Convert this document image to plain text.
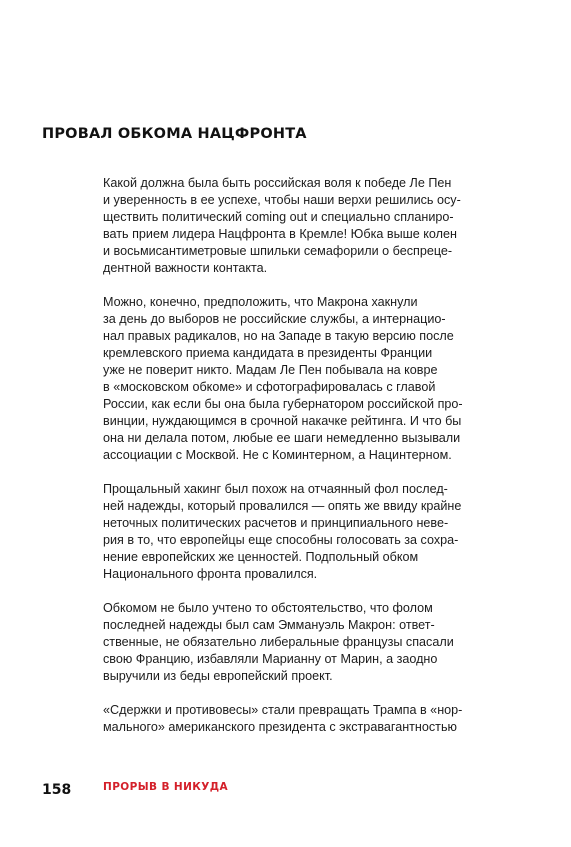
ПРОВАЛ ОБКОМА НАЦФРОНТА

Какой должна была быть российская воля к победе Ле Пен
и уверенность в ее успехе, чтобы наши верхи решились осу-
ществить политический coming out и специально спланиро-
вать прием лидера Нацфронта в Кремле! Юбка выше колен
и восьмисантиметровые шпильки семафорили о беспреце-
дентной важности контакта.

Можно, конечно, предположить, что Макрона хакнули
за день до выборов не российские службы, а интернацио-
нал правых радикалов, но на Западе в такую версию после
кремлевского приема кандидата в президенты Франции
уже не поверит никто. Мадам Ле Пен побывала на ковре
в «московском обкоме» и сфотографировалась с главой
России, как если бы она была губернатором российской про-
винции, нуждающимся в срочной накачке рейтинга. И что бы
она ни делала потом, любые ее шаги немедленно вызывали
ассоциации с Москвой. Не с Коминтерном, а Нацинтерном.

Прощальный хакинг был похож на отчаянный фол послед-
ней надежды, который провалился — опять же ввиду крайне
неточных политических расчетов и принципиального неве-
рия в то, что европейцы еще способны голосовать за сохра-
нение европейских же ценностей. Подпольный обком
Национального фронта провалился.

Обкомом не было учтено то обстоятельство, что фолом
последней надежды был сам Эммануэль Макрон: ответ-
ственные, не обязательно либеральные французы спасали
свою Францию, избавляли Марианну от Марин, а заодно
выручили из беды европейский проект.

«Сдержки и противовесы» стали превращать Трампа в «нор-
мального» американского президента с экстравагантностью

158	ПРОРЫВ В НИКУДА
